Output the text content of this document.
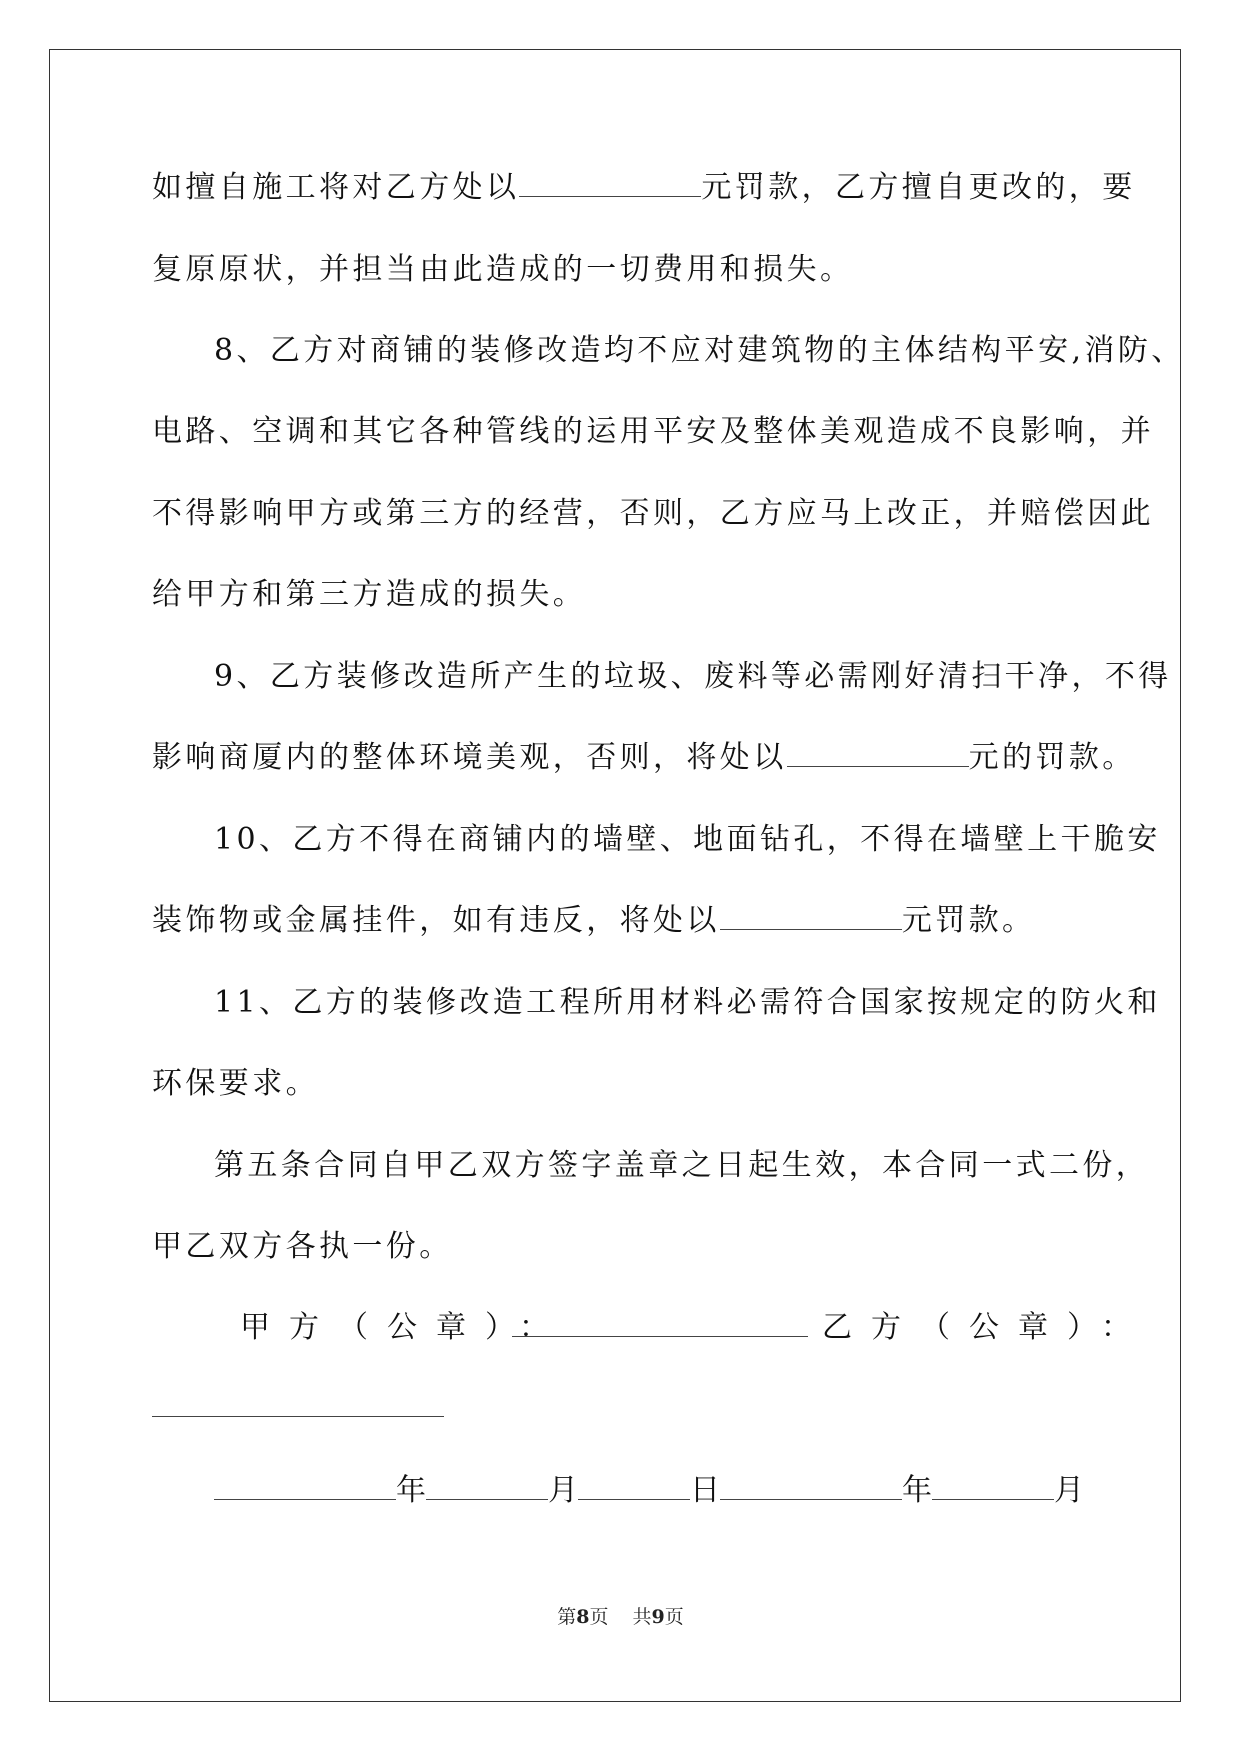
如擅自施工将对乙方处以	元罚款，乙方擅自更改的，要
复原原状，并担当由此造成的一切费用和损失。
8、乙方对商铺的装修改造均不应对建筑物的主体结构平安,消防、
电路、空调和其它各种管线的运用平安及整体美观造成不良影响，并
不得影响甲方或第三方的经营，否则，乙方应马上改正，并赔偿因此
给甲方和第三方造成的损失。
9、乙方装修改造所产生的垃圾、废料等必需刚好清扫干净，不得
影响商厦内的整体环境美观，否则，将处以	元的罚款。
10、乙方不得在商铺内的墙壁、地面钻孔，不得在墙壁上干脆安
装饰物或金属挂件，如有违反，将处以	元罚款。
11、乙方的装修改造工程所用材料必需符合国家按规定的防火和
环保要求。
第五条合同自甲乙双方签字盖章之日起生效，本合同一式二份，
甲乙双方各执一份。
甲方（公章）：	乙方（公章）：
年	月	日	年	月
第8页 共9页
